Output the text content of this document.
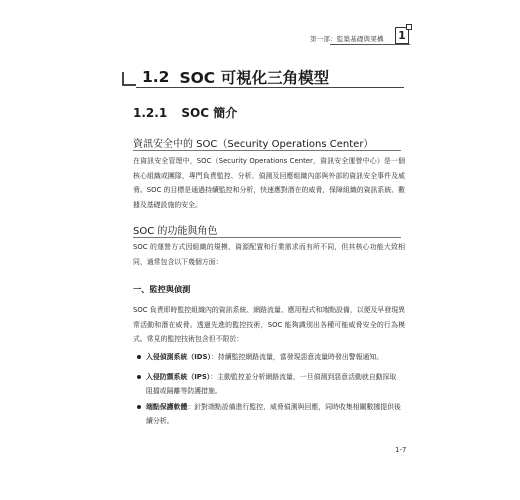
第一部：監築基礎與架構 1
1.2 SOC 可視化三角模型
1.2.1 SOC 簡介
資訊安全中的 SOC（Security Operations Center）
在資訊安全管理中，SOC（Security Operations Center，資訊安全運營中心）是一個核心組織或團隊，專門負責監控、分析、偵測及回應組織內部與外部的資訊安全事件及威脅。SOC 的目標是通過持續監控和分析，快速應對潛在的威脅，保障組織的資訊系統、數據及基礎設施的安全。
SOC 的功能與角色
SOC 的運營方式因組織的規模、資源配置和行業需求而有所不同，但其核心功能大致相同，通常包含以下幾個方面：
一、監控與偵測
SOC 負責即時監控組織內的資訊系統、網路流量、應用程式和端點設備，以便及早發現異常活動和潛在威脅。透過先進的監控技術，SOC 能夠識別出各種可能威脅安全的行為模式。常見的監控技術包含但不限於：
入侵偵測系統（IDS）：持續監控網路流量，當發現惡意流量時發出警報通知。
入侵防禦系統（IPS）：主動監控並分析網路流量，一旦偵測到惡意活動就自動採取阻擋或隔離等防護措施。
端點保護軟體：針對端點設備進行監控、威脅偵測與回應，同時收集相關數據提供後續分析。
1-7
